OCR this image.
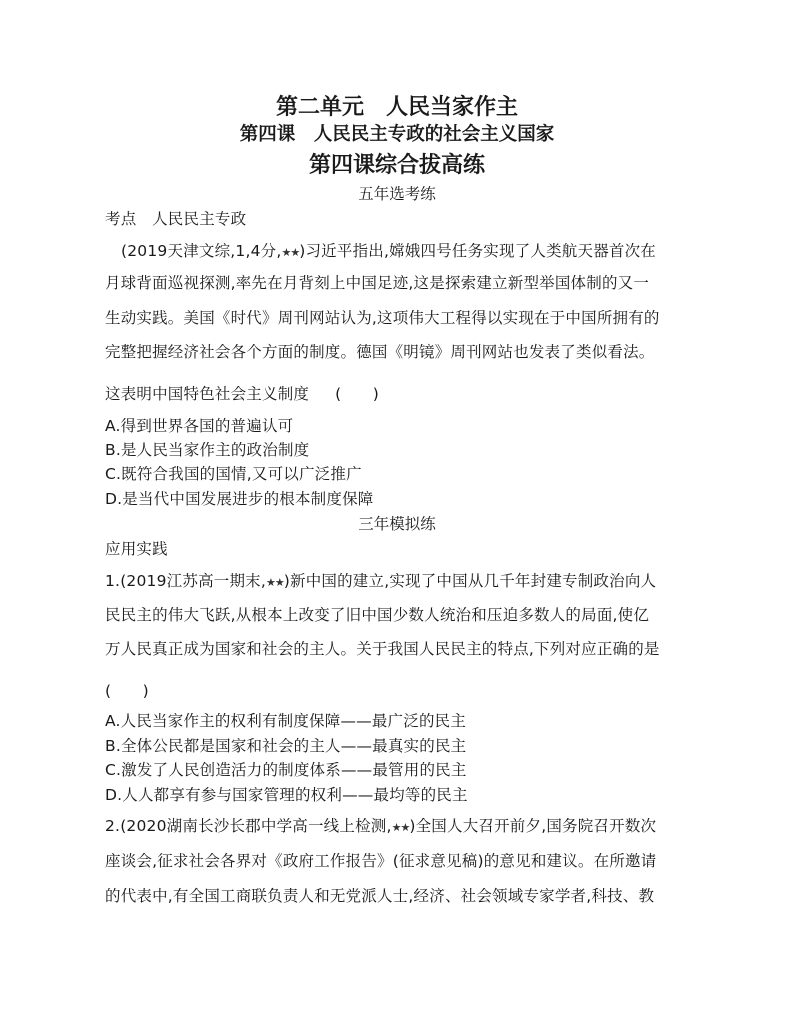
第二单元　人民当家作主
第四课　人民民主专政的社会主义国家
第四课综合拔高练
五年选考练
考点　人民民主专政
(2019天津文综,1,4分,★★)习近平指出,嫦娥四号任务实现了人类航天器首次在
月球背面巡视探测,率先在月背刻上中国足迹,这是探索建立新型举国体制的又一
生动实践。美国《时代》周刊网站认为,这项伟大工程得以实现在于中国所拥有的
完整把握经济社会各个方面的制度。德国《明镜》周刊网站也发表了类似看法。
这表明中国特色社会主义制度 (　　)
A.得到世界各国的普遍认可
B.是人民当家作主的政治制度
C.既符合我国的国情,又可以广泛推广
D.是当代中国发展进步的根本制度保障
三年模拟练
应用实践
1.(2019江苏高一期末,★★)新中国的建立,实现了中国从几千年封建专制政治向人
民民主的伟大飞跃,从根本上改变了旧中国少数人统治和压迫多数人的局面,使亿
万人民真正成为国家和社会的主人。关于我国人民民主的特点,下列对应正确的是
(　　)
A.人民当家作主的权利有制度保障——最广泛的民主
B.全体公民都是国家和社会的主人——最真实的民主
C.激发了人民创造活力的制度体系——最管用的民主
D.人人都享有参与国家管理的权利——最均等的民主
2.(2020湖南长沙长郡中学高一线上检测,★★)全国人大召开前夕,国务院召开数次
座谈会,征求社会各界对《政府工作报告》(征求意见稿)的意见和建议。在所邀请
的代表中,有全国工商联负责人和无党派人士,经济、社会领域专家学者,科技、教
